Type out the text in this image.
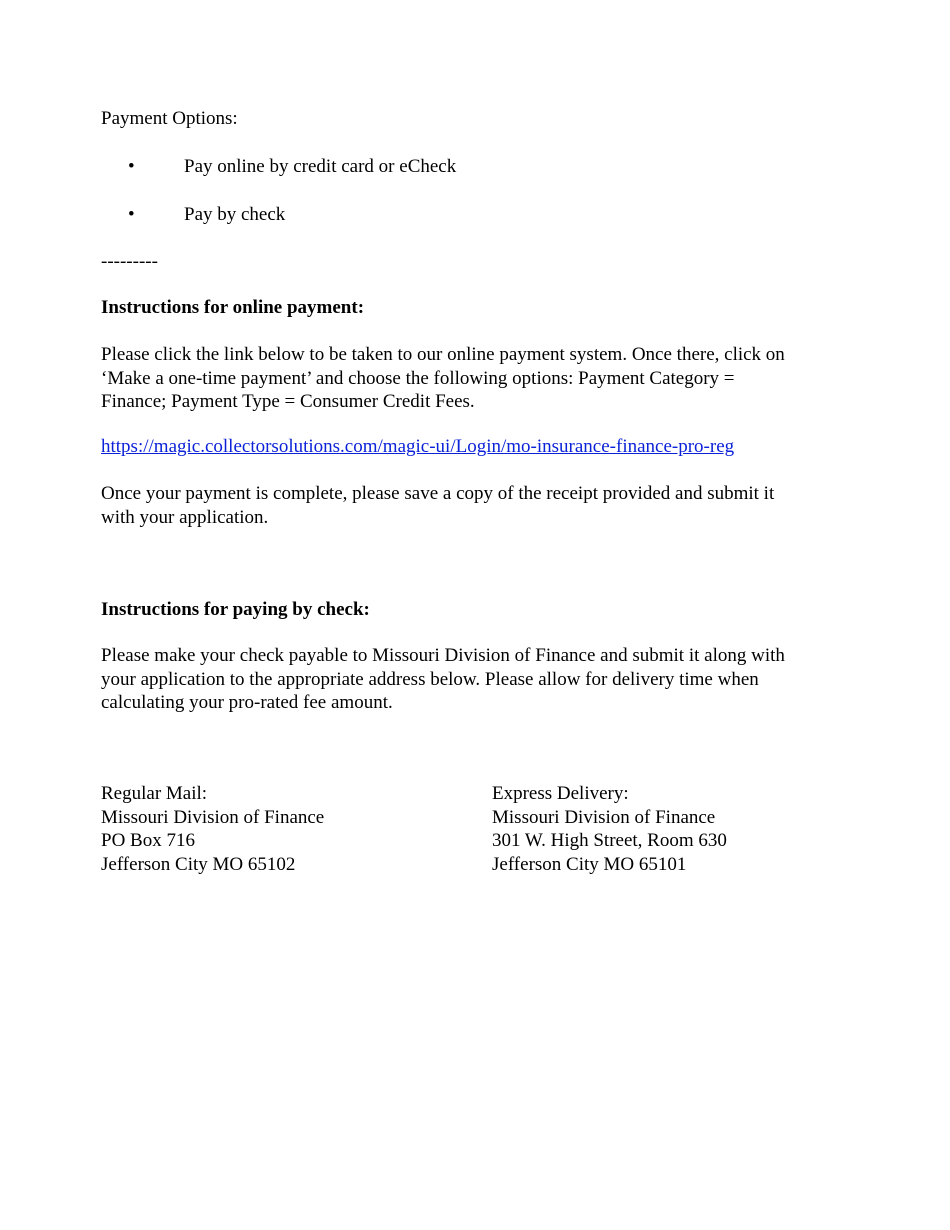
Payment Options:
•	Pay online by credit card or eCheck
•	Pay by check
---------
Instructions for online payment:
Please click the link below to be taken to our online payment system. Once there, click on
‘Make a one-time payment’ and choose the following options: Payment Category =
Finance; Payment Type = Consumer Credit Fees.
https://magic.collectorsolutions.com/magic-ui/Login/mo-insurance-finance-pro-reg
Once your payment is complete, please save a copy of the receipt provided and submit it
with your application.
Instructions for paying by check:
Please make your check payable to Missouri Division of Finance and submit it along with
your application to the appropriate address below. Please allow for delivery time when
calculating your pro-rated fee amount.
Regular Mail:
Missouri Division of Finance
PO Box 716
Jefferson City MO 65102
Express Delivery:
Missouri Division of Finance
301 W. High Street, Room 630
Jefferson City MO 65101
